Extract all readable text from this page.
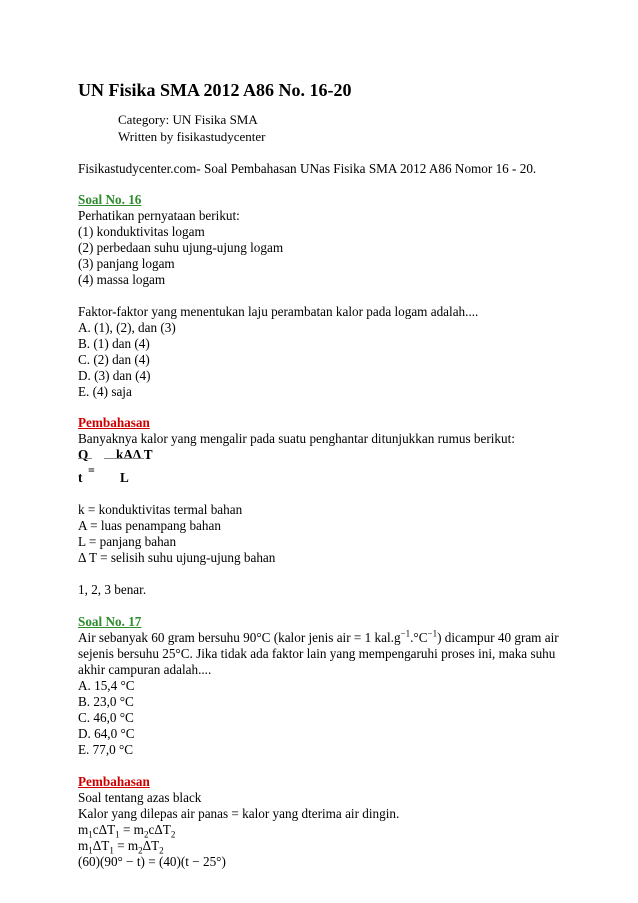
UN Fisika SMA 2012 A86 No. 16-20
Category: UN Fisika SMA
Written by fisikastudycenter
Fisikastudycenter.com- Soal Pembahasan UNas Fisika SMA 2012 A86 Nomor 16 - 20.
Soal No. 16
Perhatikan pernyataan berikut:
(1) konduktivitas logam
(2) perbedaan suhu ujung-ujung logam
(3) panjang logam
(4) massa logam
Faktor-faktor yang menentukan laju perambatan kalor pada logam adalah....
A. (1), (2), dan (3)
B. (1) dan (4)
C. (2) dan (4)
D. (3) dan (4)
E. (4) saja
Pembahasan
Banyaknya kalor yang mengalir pada suatu penghantar ditunjukkan rumus berikut:
Q kAΔ T
=
t	L
k = konduktivitas termal bahan
A = luas penampang bahan
L = panjang bahan
Δ T = selisih suhu ujung-ujung bahan
1, 2, 3 benar.
Soal No. 17
Air sebanyak 60 gram bersuhu 90°C (kalor jenis air = 1 $kal.g^{-1}.^\circ C^{-1}$) dicampur 40 gram air
sejenis bersuhu 25°C. Jika tidak ada faktor lain yang mempengaruhi proses ini, maka suhu
akhir campuran adalah....
A. 15,4 °C
B. 23,0 °C
C. 46,0 °C
D. 64,0 °C
E. 77,0 °C
Pembahasan
Soal tentang azas black
Kalor yang dilepas air panas = kalor yang dterima air dingin.
$m_1c\Delta T_1 = m_2c\Delta T_2$
$m_1\Delta T_1 = m_2\Delta T_2$
(60)(90° − t) = (40)(t − 25°)
